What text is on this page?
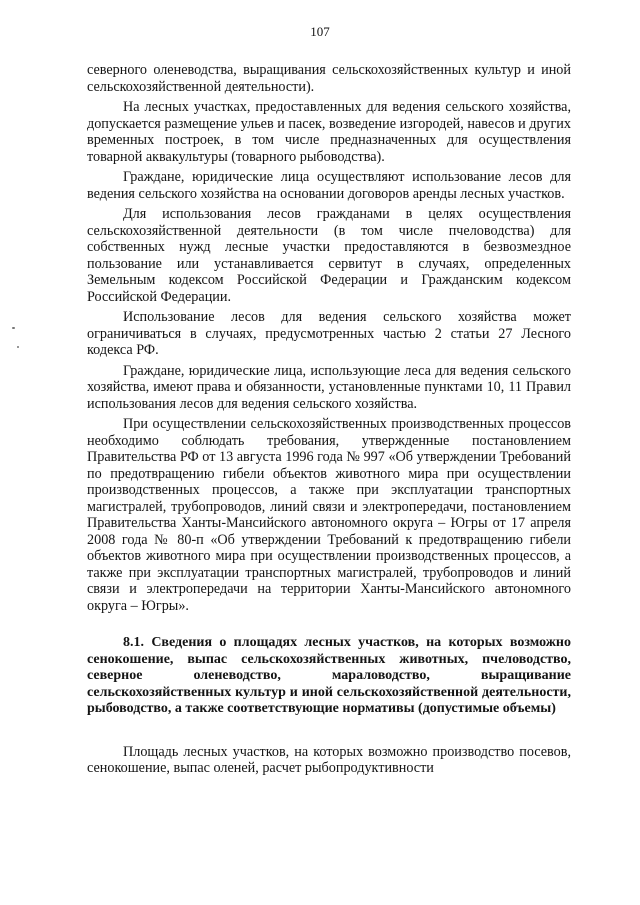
107

северного оленеводства, выращивания сельскохозяйственных культур и иной сельскохозяйственной деятельности).

На лесных участках, предоставленных для ведения сельского хозяйства, допускается размещение ульев и пасек, возведение изгородей, навесов и других временных построек, в том числе предназначенных для осуществления товарной аквакультуры (товарного рыбоводства).

Граждане, юридические лица осуществляют использование лесов для ведения сельского хозяйства на основании договоров аренды лесных участков.

Для использования лесов гражданами в целях осуществления сельскохозяйственной деятельности (в том числе пчеловодства) для собственных нужд лесные участки предоставляются в безвозмездное пользование или устанавливается сервитут в случаях, определенных Земельным кодексом Российской Федерации и Гражданским кодексом Российской Федерации.

Использование лесов для ведения сельского хозяйства может ограничиваться в случаях, предусмотренных частью 2 статьи 27 Лесного кодекса РФ.

Граждане, юридические лица, использующие леса для ведения сельского хозяйства, имеют права и обязанности, установленные пунктами 10, 11 Правил использования лесов для ведения сельского хозяйства.

При осуществлении сельскохозяйственных производственных процессов необходимо соблюдать требования, утвержденные постановлением Правительства РФ от 13 августа 1996 года № 997 «Об утверждении Требований по предотвращению гибели объектов животного мира при осуществлении производственных процессов, а также при эксплуатации транспортных магистралей, трубопроводов, линий связи и электропередачи, постановлением Правительства Ханты-Мансийского автономного округа – Югры от 17 апреля 2008 года № 80-п «Об утверждении Требований к предотвращению гибели объектов животного мира при осуществлении производственных процессов, а также при эксплуатации транспортных магистралей, трубопроводов и линий связи и электропередачи на территории Ханты-Мансийского автономного округа – Югры».

8.1. Сведения о площадях лесных участков, на которых возможно сенокошение, выпас сельскохозяйственных животных, пчеловодство, северное оленеводство, мараловодство, выращивание сельскохозяйственных культур и иной сельскохозяйственной деятельности, рыбоводство, а также соответствующие нормативы (допустимые объемы)

Площадь лесных участков, на которых возможно производство посевов, сенокошение, выпас оленей, расчет рыбопродуктивности
